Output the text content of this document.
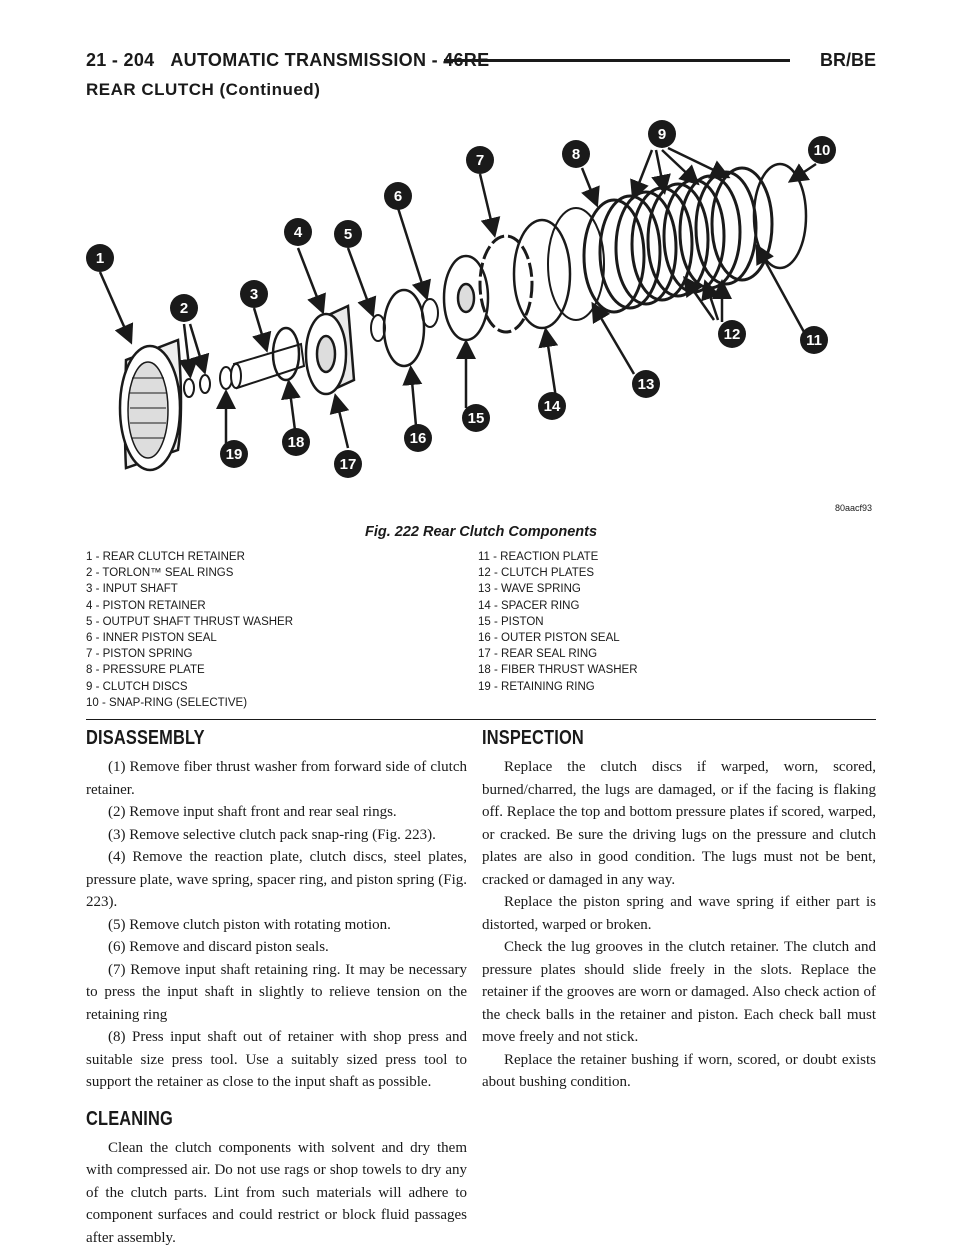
21 - 204 AUTOMATIC TRANSMISSION - 46RE	BR/BE
REAR CLUTCH (Continued)
1
2
3
4	5
6
7	8
9
10
11
12
13
14
15
16
17
18
19
80aacf93
Fig. 222 Rear Clutch Components
1 - REAR CLUTCH RETAINER
2 - TORLON™ SEAL RINGS
3 - INPUT SHAFT
4 - PISTON RETAINER
5 - OUTPUT SHAFT THRUST WASHER
6 - INNER PISTON SEAL
7 - PISTON SPRING
8 - PRESSURE PLATE
9 - CLUTCH DISCS
10 - SNAP-RING (SELECTIVE)
11 - REACTION PLATE
12 - CLUTCH PLATES
13 - WAVE SPRING
14 - SPACER RING
15 - PISTON
16 - OUTER PISTON SEAL
17 - REAR SEAL RING
18 - FIBER THRUST WASHER
19 - RETAINING RING
DISASSEMBLY

(1) Remove fiber thrust washer from forward side of clutch retainer.

(2) Remove input shaft front and rear seal rings.

(3) Remove selective clutch pack snap-ring (Fig. 223).

(4) Remove the reaction plate, clutch discs, steel plates, pressure plate, wave spring, spacer ring, and piston spring (Fig. 223).

(5) Remove clutch piston with rotating motion.

(6) Remove and discard piston seals.

(7) Remove input shaft retaining ring. It may be necessary to press the input shaft in slightly to relieve tension on the retaining ring

(8) Press input shaft out of retainer with shop press and suitable size press tool. Use a suitably sized press tool to support the retainer as close to the input shaft as possible.

CLEANING

Clean the clutch components with solvent and dry them with compressed air. Do not use rags or shop towels to dry any of the clutch parts. Lint from such materials will adhere to component surfaces and could restrict or block fluid passages after assembly.

INSPECTION

Replace the clutch discs if warped, worn, scored, burned/charred, the lugs are damaged, or if the facing is flaking off. Replace the top and bottom pressure plates if scored, warped, or cracked. Be sure the driving lugs on the pressure and clutch plates are also in good condition. The lugs must not be bent, cracked or damaged in any way.

Replace the piston spring and wave spring if either part is distorted, warped or broken.

Check the lug grooves in the clutch retainer. The clutch and pressure plates should slide freely in the slots. Replace the retainer if the grooves are worn or damaged. Also check action of the check balls in the retainer and piston. Each check ball must move freely and not stick.

Replace the retainer bushing if worn, scored, or doubt exists about bushing condition.
